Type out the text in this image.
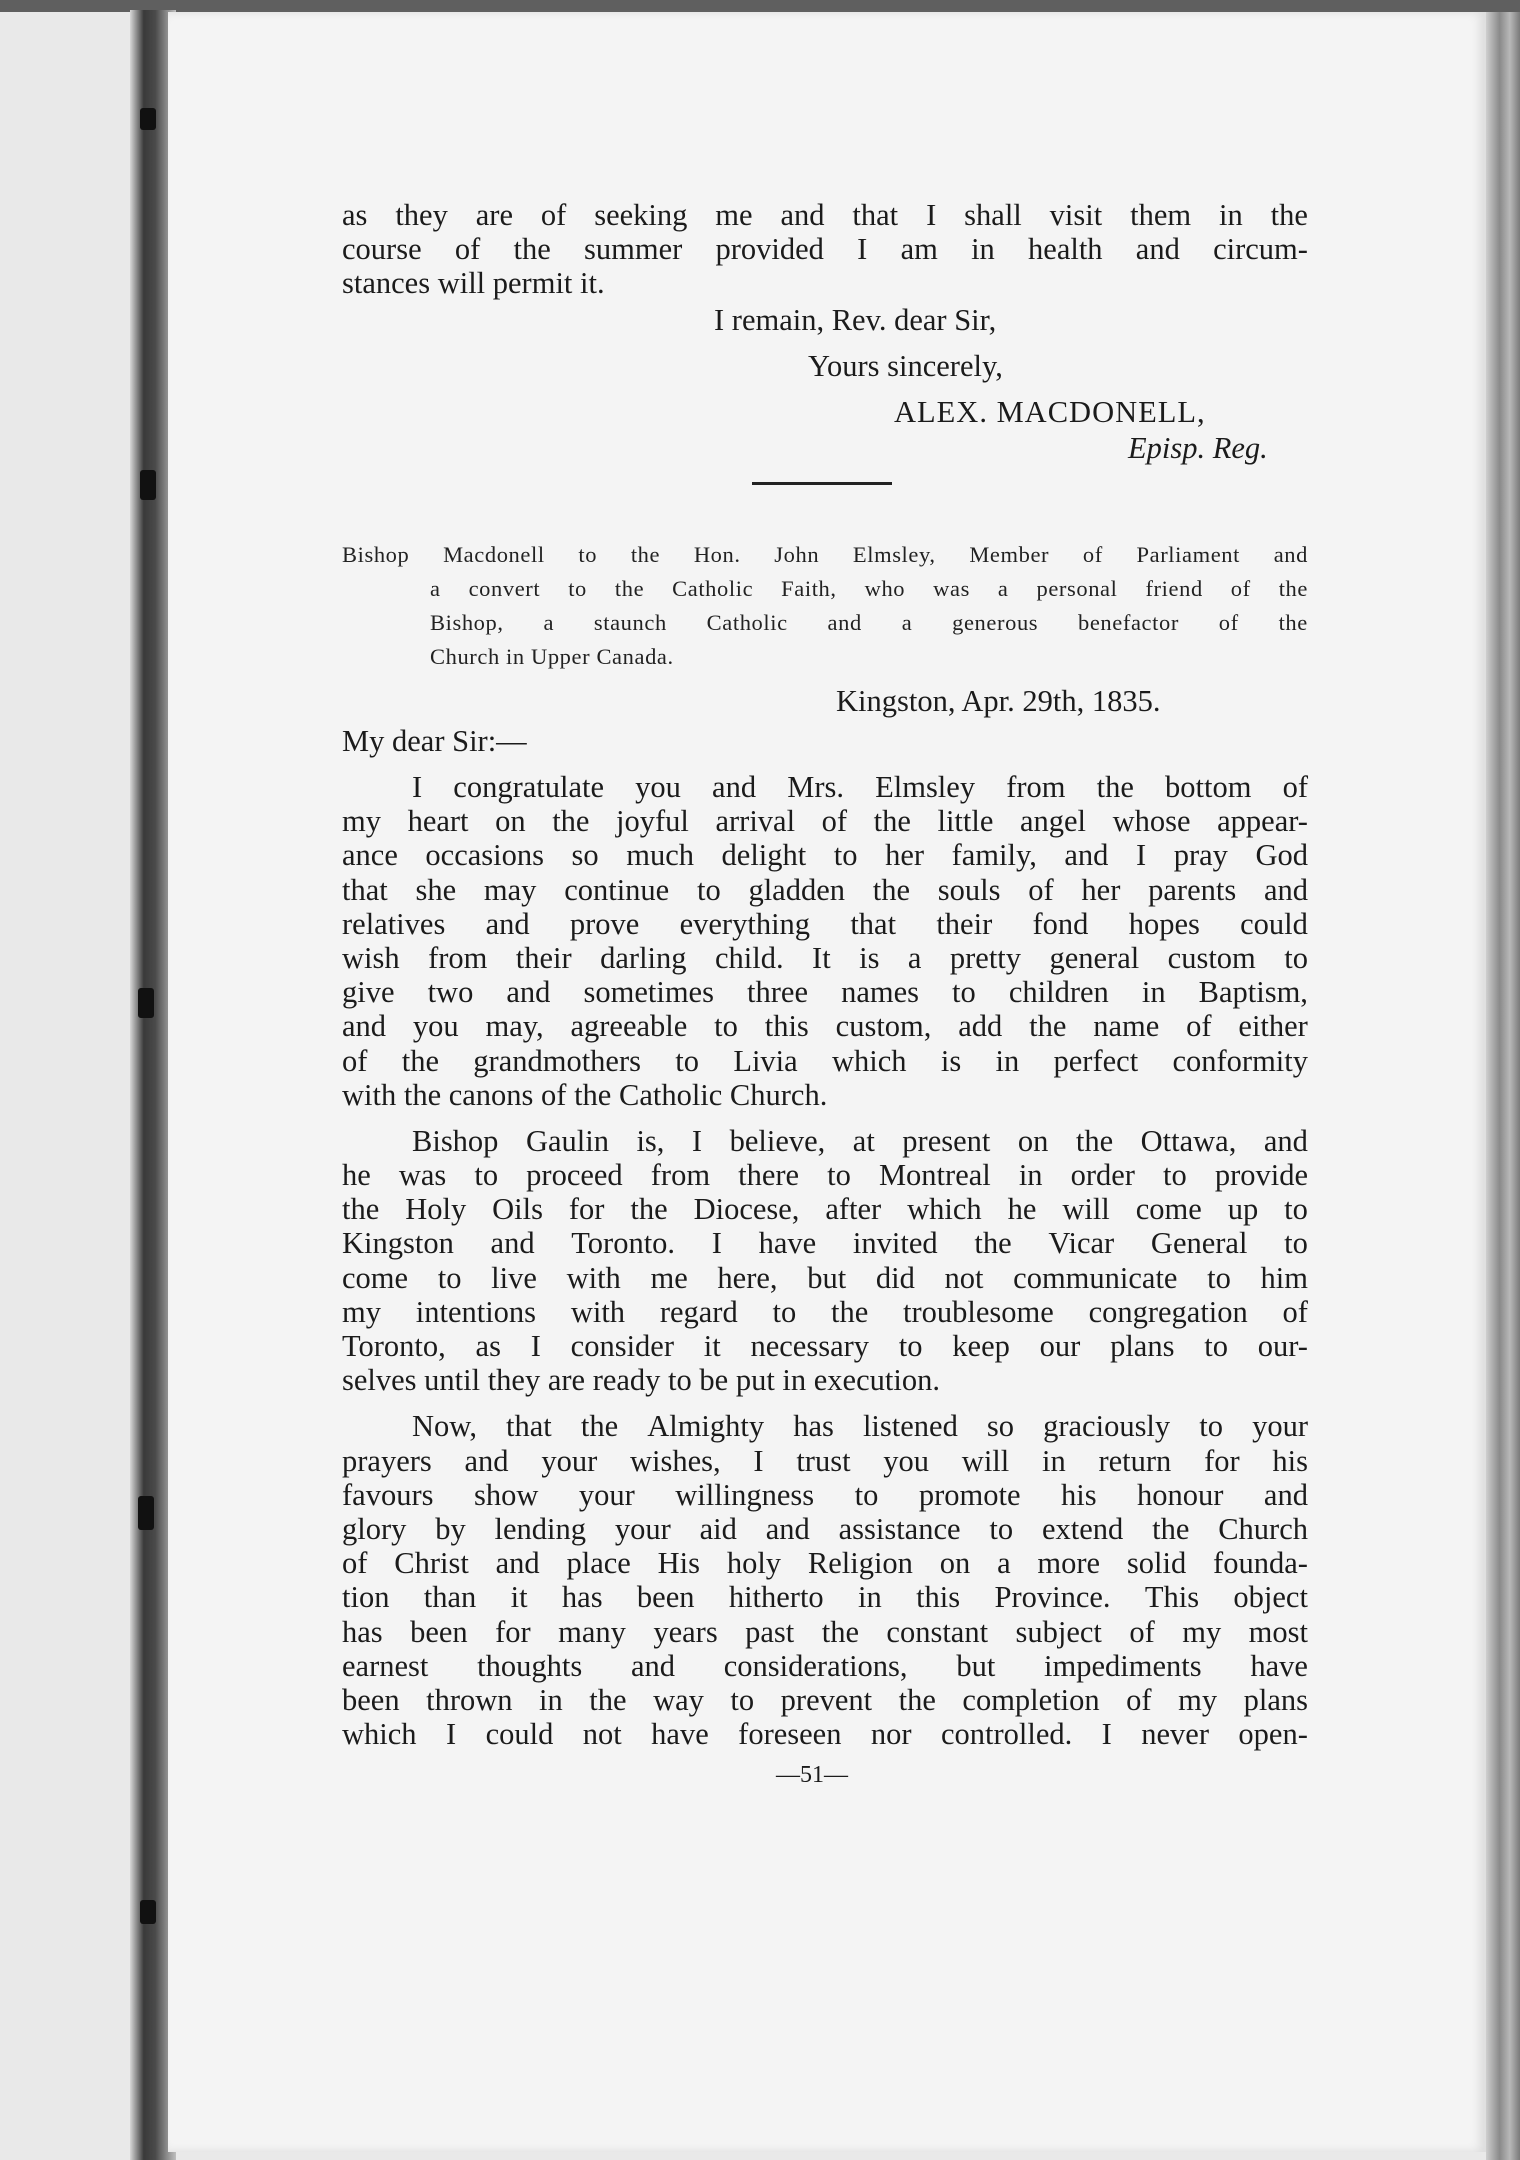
as they are of seeking me and that I shall visit them in the
course of the summer provided I am in health and circum-
stances will permit it.
I remain, Rev. dear Sir,
Yours sincerely,
ALEX. MACDONELL,
Episp. Reg.
Bishop Macdonell to the Hon. John Elmsley, Member of Parliament and
a convert to the Catholic Faith, who was a personal friend of the
Bishop, a staunch Catholic and a generous benefactor of the
Church in Upper Canada.
Kingston, Apr. 29th, 1835.
My dear Sir:—
I congratulate you and Mrs. Elmsley from the bottom of
my heart on the joyful arrival of the little angel whose appear-
ance occasions so much delight to her family, and I pray God
that she may continue to gladden the souls of her parents and
relatives and prove everything that their fond hopes could
wish from their darling child. It is a pretty general custom to
give two and sometimes three names to children in Baptism,
and you may, agreeable to this custom, add the name of either
of the grandmothers to Livia which is in perfect conformity
with the canons of the Catholic Church.
Bishop Gaulin is, I believe, at present on the Ottawa, and
he was to proceed from there to Montreal in order to provide
the Holy Oils for the Diocese, after which he will come up to
Kingston and Toronto. I have invited the Vicar General to
come to live with me here, but did not communicate to him
my intentions with regard to the troublesome congregation of
Toronto, as I consider it necessary to keep our plans to our-
selves until they are ready to be put in execution.
Now, that the Almighty has listened so graciously to your
prayers and your wishes, I trust you will in return for his
favours show your willingness to promote his honour and
glory by lending your aid and assistance to extend the Church
of Christ and place His holy Religion on a more solid founda-
tion than it has been hitherto in this Province. This object
has been for many years past the constant subject of my most
earnest thoughts and considerations, but impediments have
been thrown in the way to prevent the completion of my plans
which I could not have foreseen nor controlled. I never open-
—51—
